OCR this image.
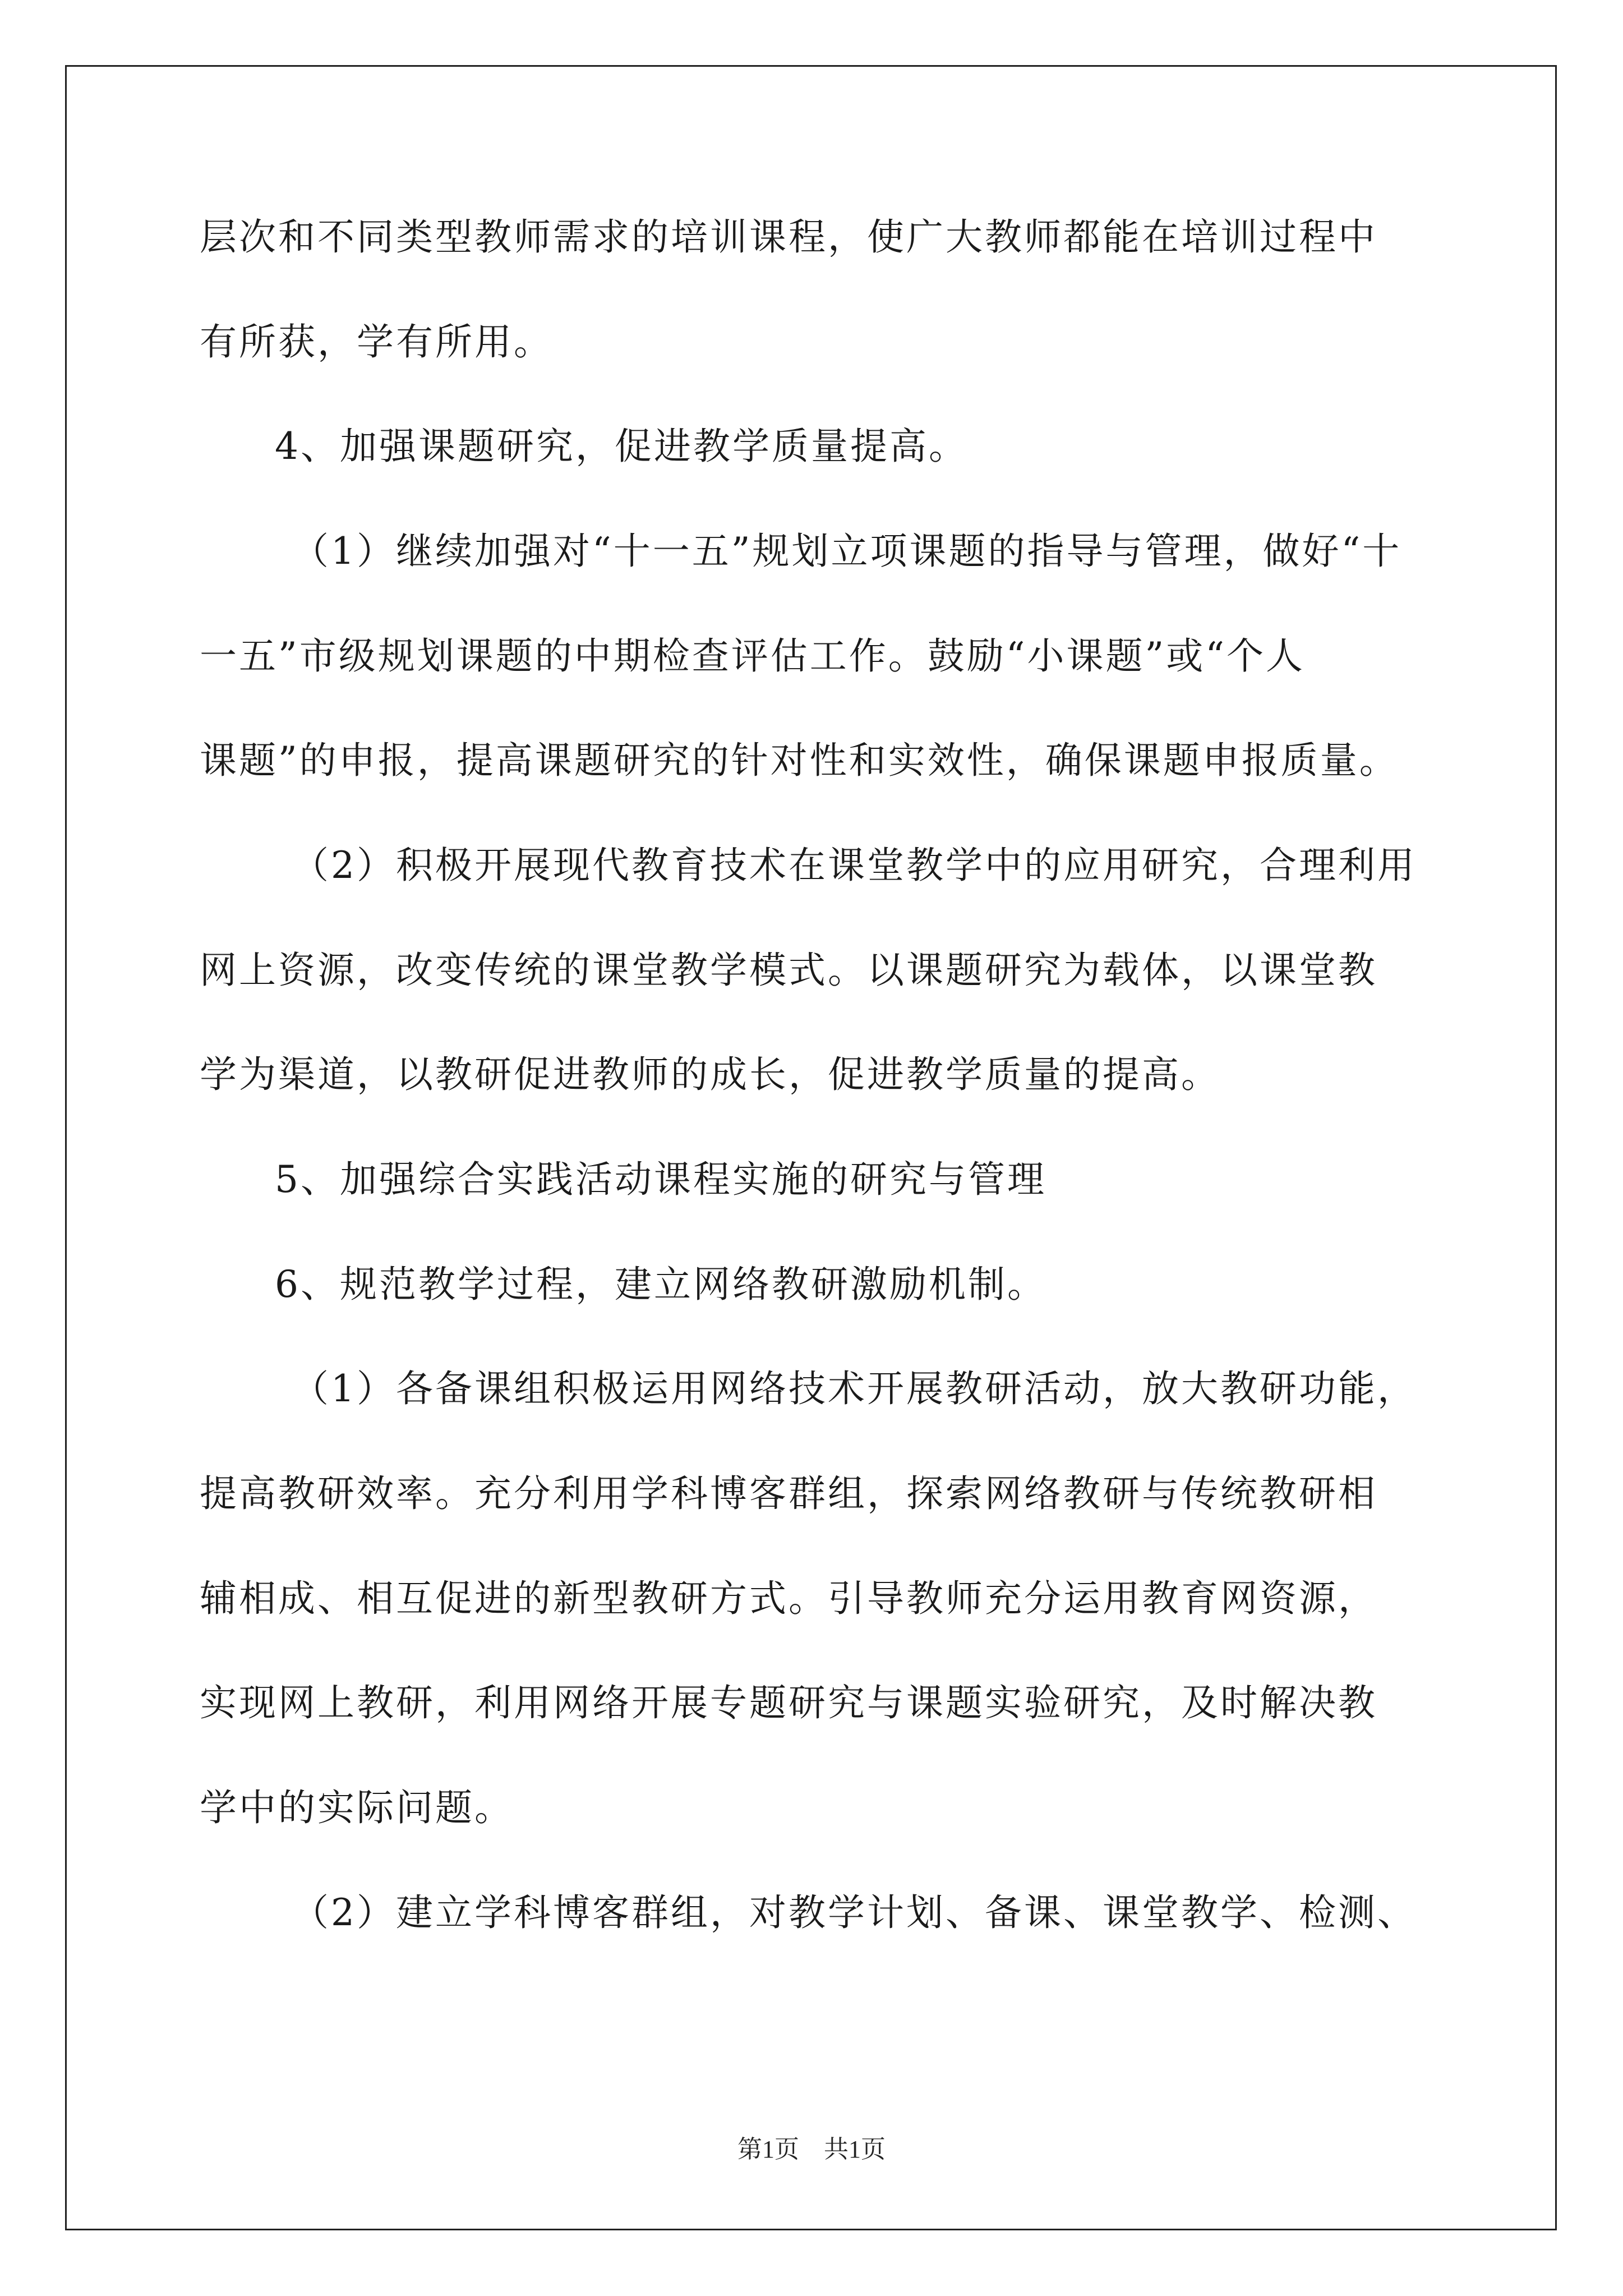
层次和不同类型教师需求的培训课程，使广大教师都能在培训过程中
有所获，学有所用。
4、加强课题研究，促进教学质量提高。
（1）继续加强对“十一五”规划立项课题的指导与管理，做好“十
一五”市级规划课题的中期检查评估工作。鼓励“小课题”或“个人
课题”的申报，提高课题研究的针对性和实效性，确保课题申报质量。
（2）积极开展现代教育技术在课堂教学中的应用研究，合理利用
网上资源，改变传统的课堂教学模式。以课题研究为载体，以课堂教
学为渠道，以教研促进教师的成长，促进教学质量的提高。
5、加强综合实践活动课程实施的研究与管理
6、规范教学过程，建立网络教研激励机制。
（1）各备课组积极运用网络技术开展教研活动，放大教研功能，
提高教研效率。充分利用学科博客群组，探索网络教研与传统教研相
辅相成、相互促进的新型教研方式。引导教师充分运用教育网资源，
实现网上教研，利用网络开展专题研究与课题实验研究，及时解决教
学中的实际问题。
（2）建立学科博客群组，对教学计划、备课、课堂教学、检测、
第1页　共1页
